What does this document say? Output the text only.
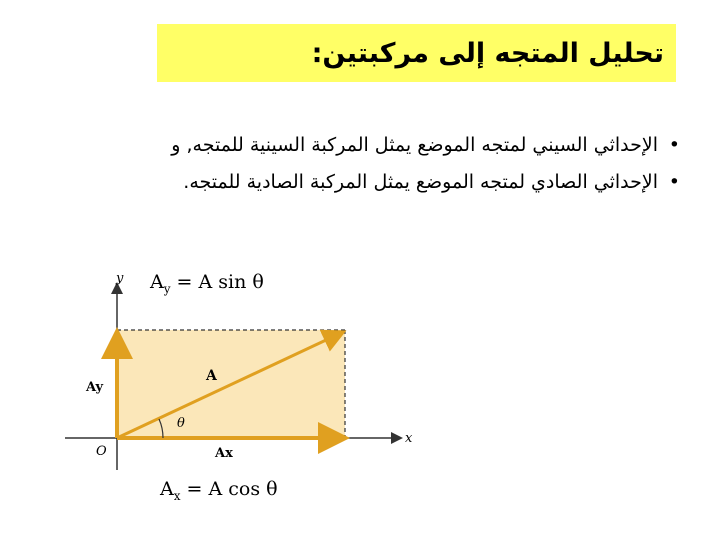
تحليل المتجه إلى مركبتين:
•
الإحداثي السيني لمتجه الموضع يمثل المركبة السينية للمتجه, و
•
الإحداثي الصادي لمتجه الموضع يمثل المركبة الصادية للمتجه.
y
x
O
A
θ
Ay
Ax
$A_y = A$ sin θ
$A_x = A$ cos θ
